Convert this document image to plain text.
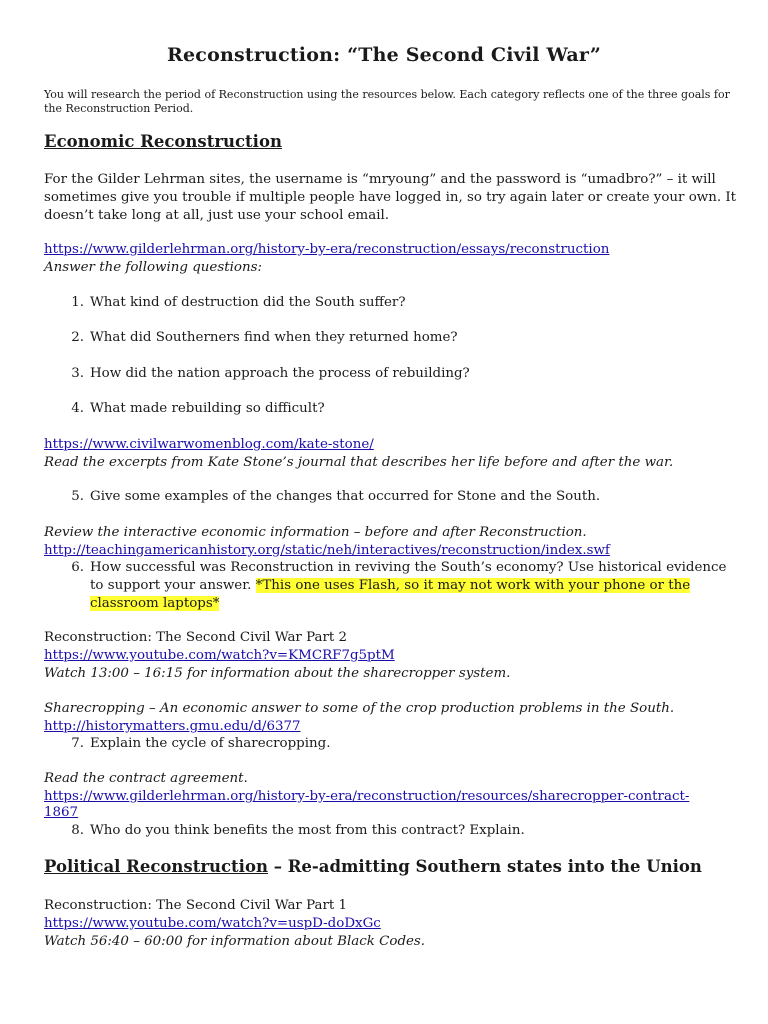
Reconstruction: “The Second Civil War”
You will research the period of Reconstruction using the resources below. Each category reflects one of the three goals for
the Reconstruction Period.
Economic Reconstruction
For the Gilder Lehrman sites, the username is “mryoung” and the password is “umadbro?” – it will
sometimes give you trouble if multiple people have logged in, so try again later or create your own. It
doesn’t take long at all, just use your school email.
https://www.gilderlehrman.org/history-by-era/reconstruction/essays/reconstruction
Answer the following questions:
1. What kind of destruction did the South suffer?
2. What did Southerners find when they returned home?
3. How did the nation approach the process of rebuilding?
4. What made rebuilding so difficult?
https://www.civilwarwomenblog.com/kate-stone/
Read the excerpts from Kate Stone’s journal that describes her life before and after the war.
5. Give some examples of the changes that occurred for Stone and the South.
Review the interactive economic information – before and after Reconstruction.
http://teachingamericanhistory.org/static/neh/interactives/reconstruction/index.swf
6. How successful was Reconstruction in reviving the South’s economy? Use historical evidence
to support your answer. *This one uses Flash, so it may not work with your phone or the
classroom laptops*
Reconstruction: The Second Civil War Part 2
https://www.youtube.com/watch?v=KMCRF7g5ptM
Watch 13:00 – 16:15 for information about the sharecropper system.
Sharecropping – An economic answer to some of the crop production problems in the South.
http://historymatters.gmu.edu/d/6377
7. Explain the cycle of sharecropping.
Read the contract agreement.
https://www.gilderlehrman.org/history-by-era/reconstruction/resources/sharecropper-contract-
1867
8. Who do you think benefits the most from this contract? Explain.
Political Reconstruction – Re-admitting Southern states into the Union
Reconstruction: The Second Civil War Part 1
https://www.youtube.com/watch?v=uspD-doDxGc
Watch 56:40 – 60:00 for information about Black Codes.
